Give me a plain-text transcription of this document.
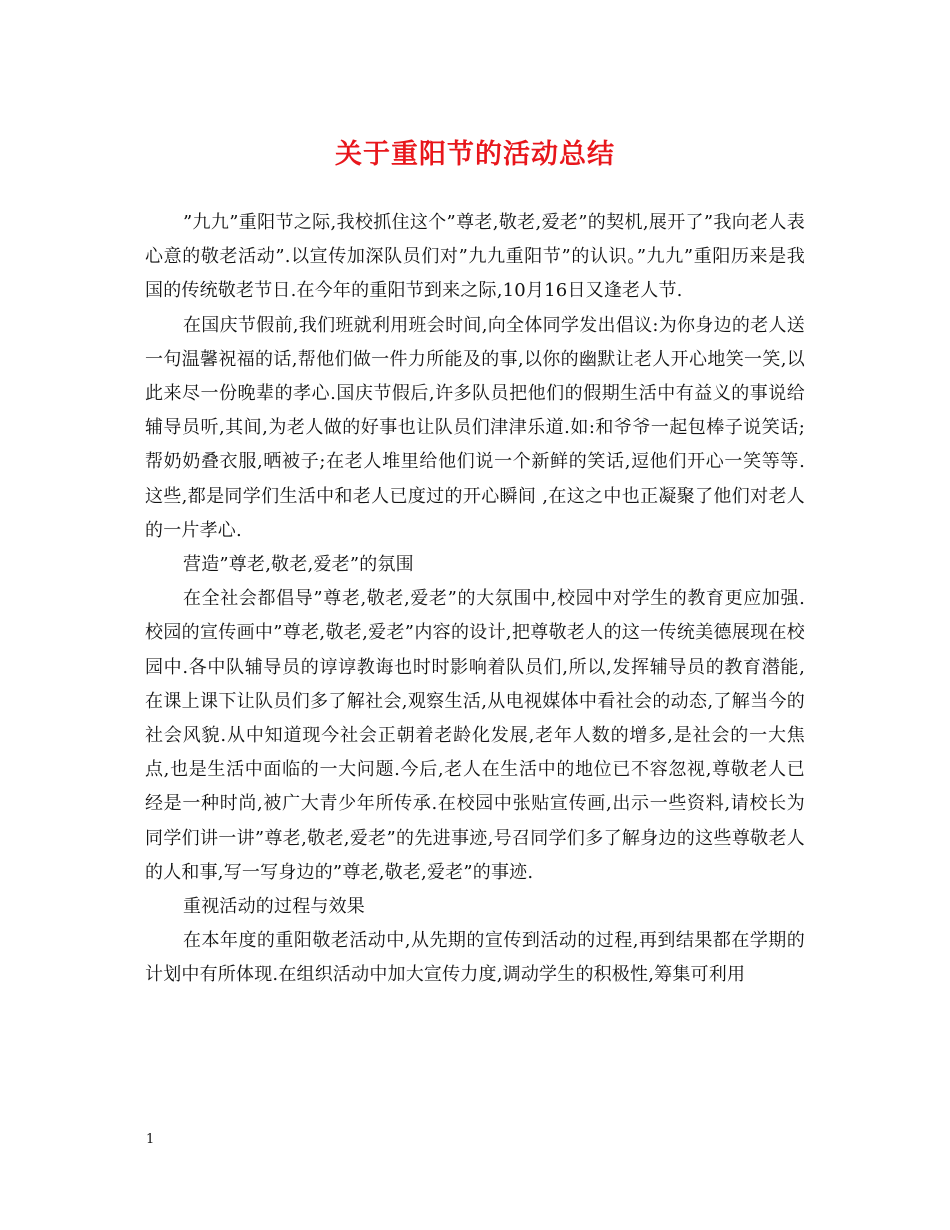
关于重阳节的活动总结

”九九”重阳节之际,我校抓住这个”尊老,敬老,爱老”的契机,展开了”我向老人表心意的敬老活动”.以宣传加深队员们对”九九重阳节”的认识。”九九”重阳历来是我国的传统敬老节日.在今年的重阳节到来之际,10月16日又逢老人节.

在国庆节假前,我们班就利用班会时间,向全体同学发出倡议:为你身边的老人送一句温馨祝福的话,帮他们做一件力所能及的事,以你的幽默让老人开心地笑一笑,以此来尽一份晚辈的孝心.国庆节假后,许多队员把他们的假期生活中有益义的事说给辅导员听,其间,为老人做的好事也让队员们津津乐道.如:和爷爷一起包棒子说笑话;帮奶奶叠衣服,晒被子;在老人堆里给他们说一个新鲜的笑话,逗他们开心一笑等等.这些,都是同学们生活中和老人已度过的开心瞬间 ,在这之中也正凝聚了他们对老人的一片孝心.

营造”尊老,敬老,爱老”的氛围

在全社会都倡导”尊老,敬老,爱老”的大氛围中,校园中对学生的教育更应加强.校园的宣传画中”尊老,敬老,爱老”内容的设计,把尊敬老人的这一传统美德展现在校园中.各中队辅导员的谆谆教诲也时时影响着队员们,所以,发挥辅导员的教育潜能,在课上课下让队员们多了解社会,观察生活,从电视媒体中看社会的动态,了解当今的社会风貌.从中知道现今社会正朝着老龄化发展,老年人数的增多,是社会的一大焦点,也是生活中面临的一大问题.今后,老人在生活中的地位已不容忽视,尊敬老人已经是一种时尚,被广大青少年所传承.在校园中张贴宣传画,出示一些资料,请校长为同学们讲一讲”尊老,敬老,爱老”的先进事迹,号召同学们多了解身边的这些尊敬老人的人和事,写一写身边的”尊老,敬老,爱老”的事迹.

重视活动的过程与效果

在本年度的重阳敬老活动中,从先期的宣传到活动的过程,再到结果都在学期的计划中有所体现.在组织活动中加大宣传力度,调动学生的积极性,筹集可利用

1
